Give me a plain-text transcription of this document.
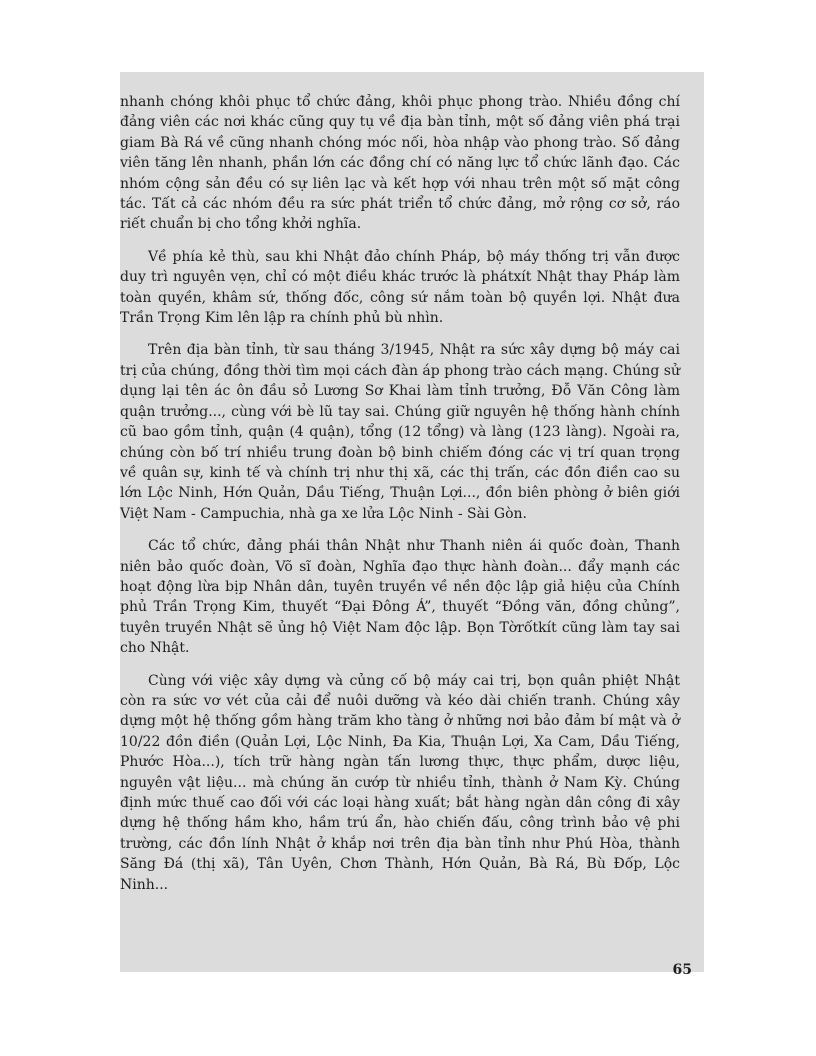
nhanh chóng khôi phục tổ chức đảng, khôi phục phong trào. Nhiều đồng chí đảng viên các nơi khác cũng quy tụ về địa bàn tỉnh, một số đảng viên phá trại giam Bà Rá về cũng nhanh chóng móc nối, hòa nhập vào phong trào. Số đảng viên tăng lên nhanh, phần lớn các đồng chí có năng lực tổ chức lãnh đạo. Các nhóm cộng sản đều có sự liên lạc và kết hợp với nhau trên một số mặt công tác. Tất cả các nhóm đều ra sức phát triển tổ chức đảng, mở rộng cơ sở, ráo riết chuẩn bị cho tổng khởi nghĩa.

Về phía kẻ thù, sau khi Nhật đảo chính Pháp, bộ máy thống trị vẫn được duy trì nguyên vẹn, chỉ có một điều khác trước là phátxít Nhật thay Pháp làm toàn quyền, khâm sứ, thống đốc, công sứ nắm toàn bộ quyền lợi. Nhật đưa Trần Trọng Kim lên lập ra chính phủ bù nhìn.

Trên địa bàn tỉnh, từ sau tháng 3/1945, Nhật ra sức xây dựng bộ máy cai trị của chúng, đồng thời tìm mọi cách đàn áp phong trào cách mạng. Chúng sử dụng lại tên ác ôn đầu sỏ Lương Sơ Khai làm tỉnh trưởng, Đỗ Văn Công làm quận trưởng..., cùng với bè lũ tay sai. Chúng giữ nguyên hệ thống hành chính cũ bao gồm tỉnh, quận (4 quận), tổng (12 tổng) và làng (123 làng). Ngoài ra, chúng còn bố trí nhiều trung đoàn bộ binh chiếm đóng các vị trí quan trọng về quân sự, kinh tế và chính trị như thị xã, các thị trấn, các đồn điền cao su lớn Lộc Ninh, Hớn Quản, Dầu Tiếng, Thuận Lợi..., đồn biên phòng ở biên giới Việt Nam - Campuchia, nhà ga xe lửa Lộc Ninh - Sài Gòn.

Các tổ chức, đảng phái thân Nhật như Thanh niên ái quốc đoàn, Thanh niên bảo quốc đoàn, Võ sĩ đoàn, Nghĩa đạo thực hành đoàn... đẩy mạnh các hoạt động lừa bịp Nhân dân, tuyên truyền về nền độc lập giả hiệu của Chính phủ Trần Trọng Kim, thuyết “Đại Đông Á”, thuyết “Đồng văn, đồng chủng”, tuyên truyền Nhật sẽ ủng hộ Việt Nam độc lập. Bọn Tờrốtkít cũng làm tay sai cho Nhật.

Cùng với việc xây dựng và củng cố bộ máy cai trị, bọn quân phiệt Nhật còn ra sức vơ vét của cải để nuôi dưỡng và kéo dài chiến tranh. Chúng xây dựng một hệ thống gồm hàng trăm kho tàng ở những nơi bảo đảm bí mật và ở 10/22 đồn điền (Quản Lợi, Lộc Ninh, Đa Kia, Thuận Lợi, Xa Cam, Dầu Tiếng, Phước Hòa...), tích trữ hàng ngàn tấn lương thực, thực phẩm, dược liệu, nguyên vật liệu... mà chúng ăn cướp từ nhiều tỉnh, thành ở Nam Kỳ. Chúng định mức thuế cao đối với các loại hàng xuất; bắt hàng ngàn dân công đi xây dựng hệ thống hầm kho, hầm trú ẩn, hào chiến đấu, công trình bảo vệ phi trường, các đồn lính Nhật ở khắp nơi trên địa bàn tỉnh như Phú Hòa, thành Săng Đá (thị xã), Tân Uyên, Chơn Thành, Hớn Quản, Bà Rá, Bù Đốp, Lộc Ninh...

65
